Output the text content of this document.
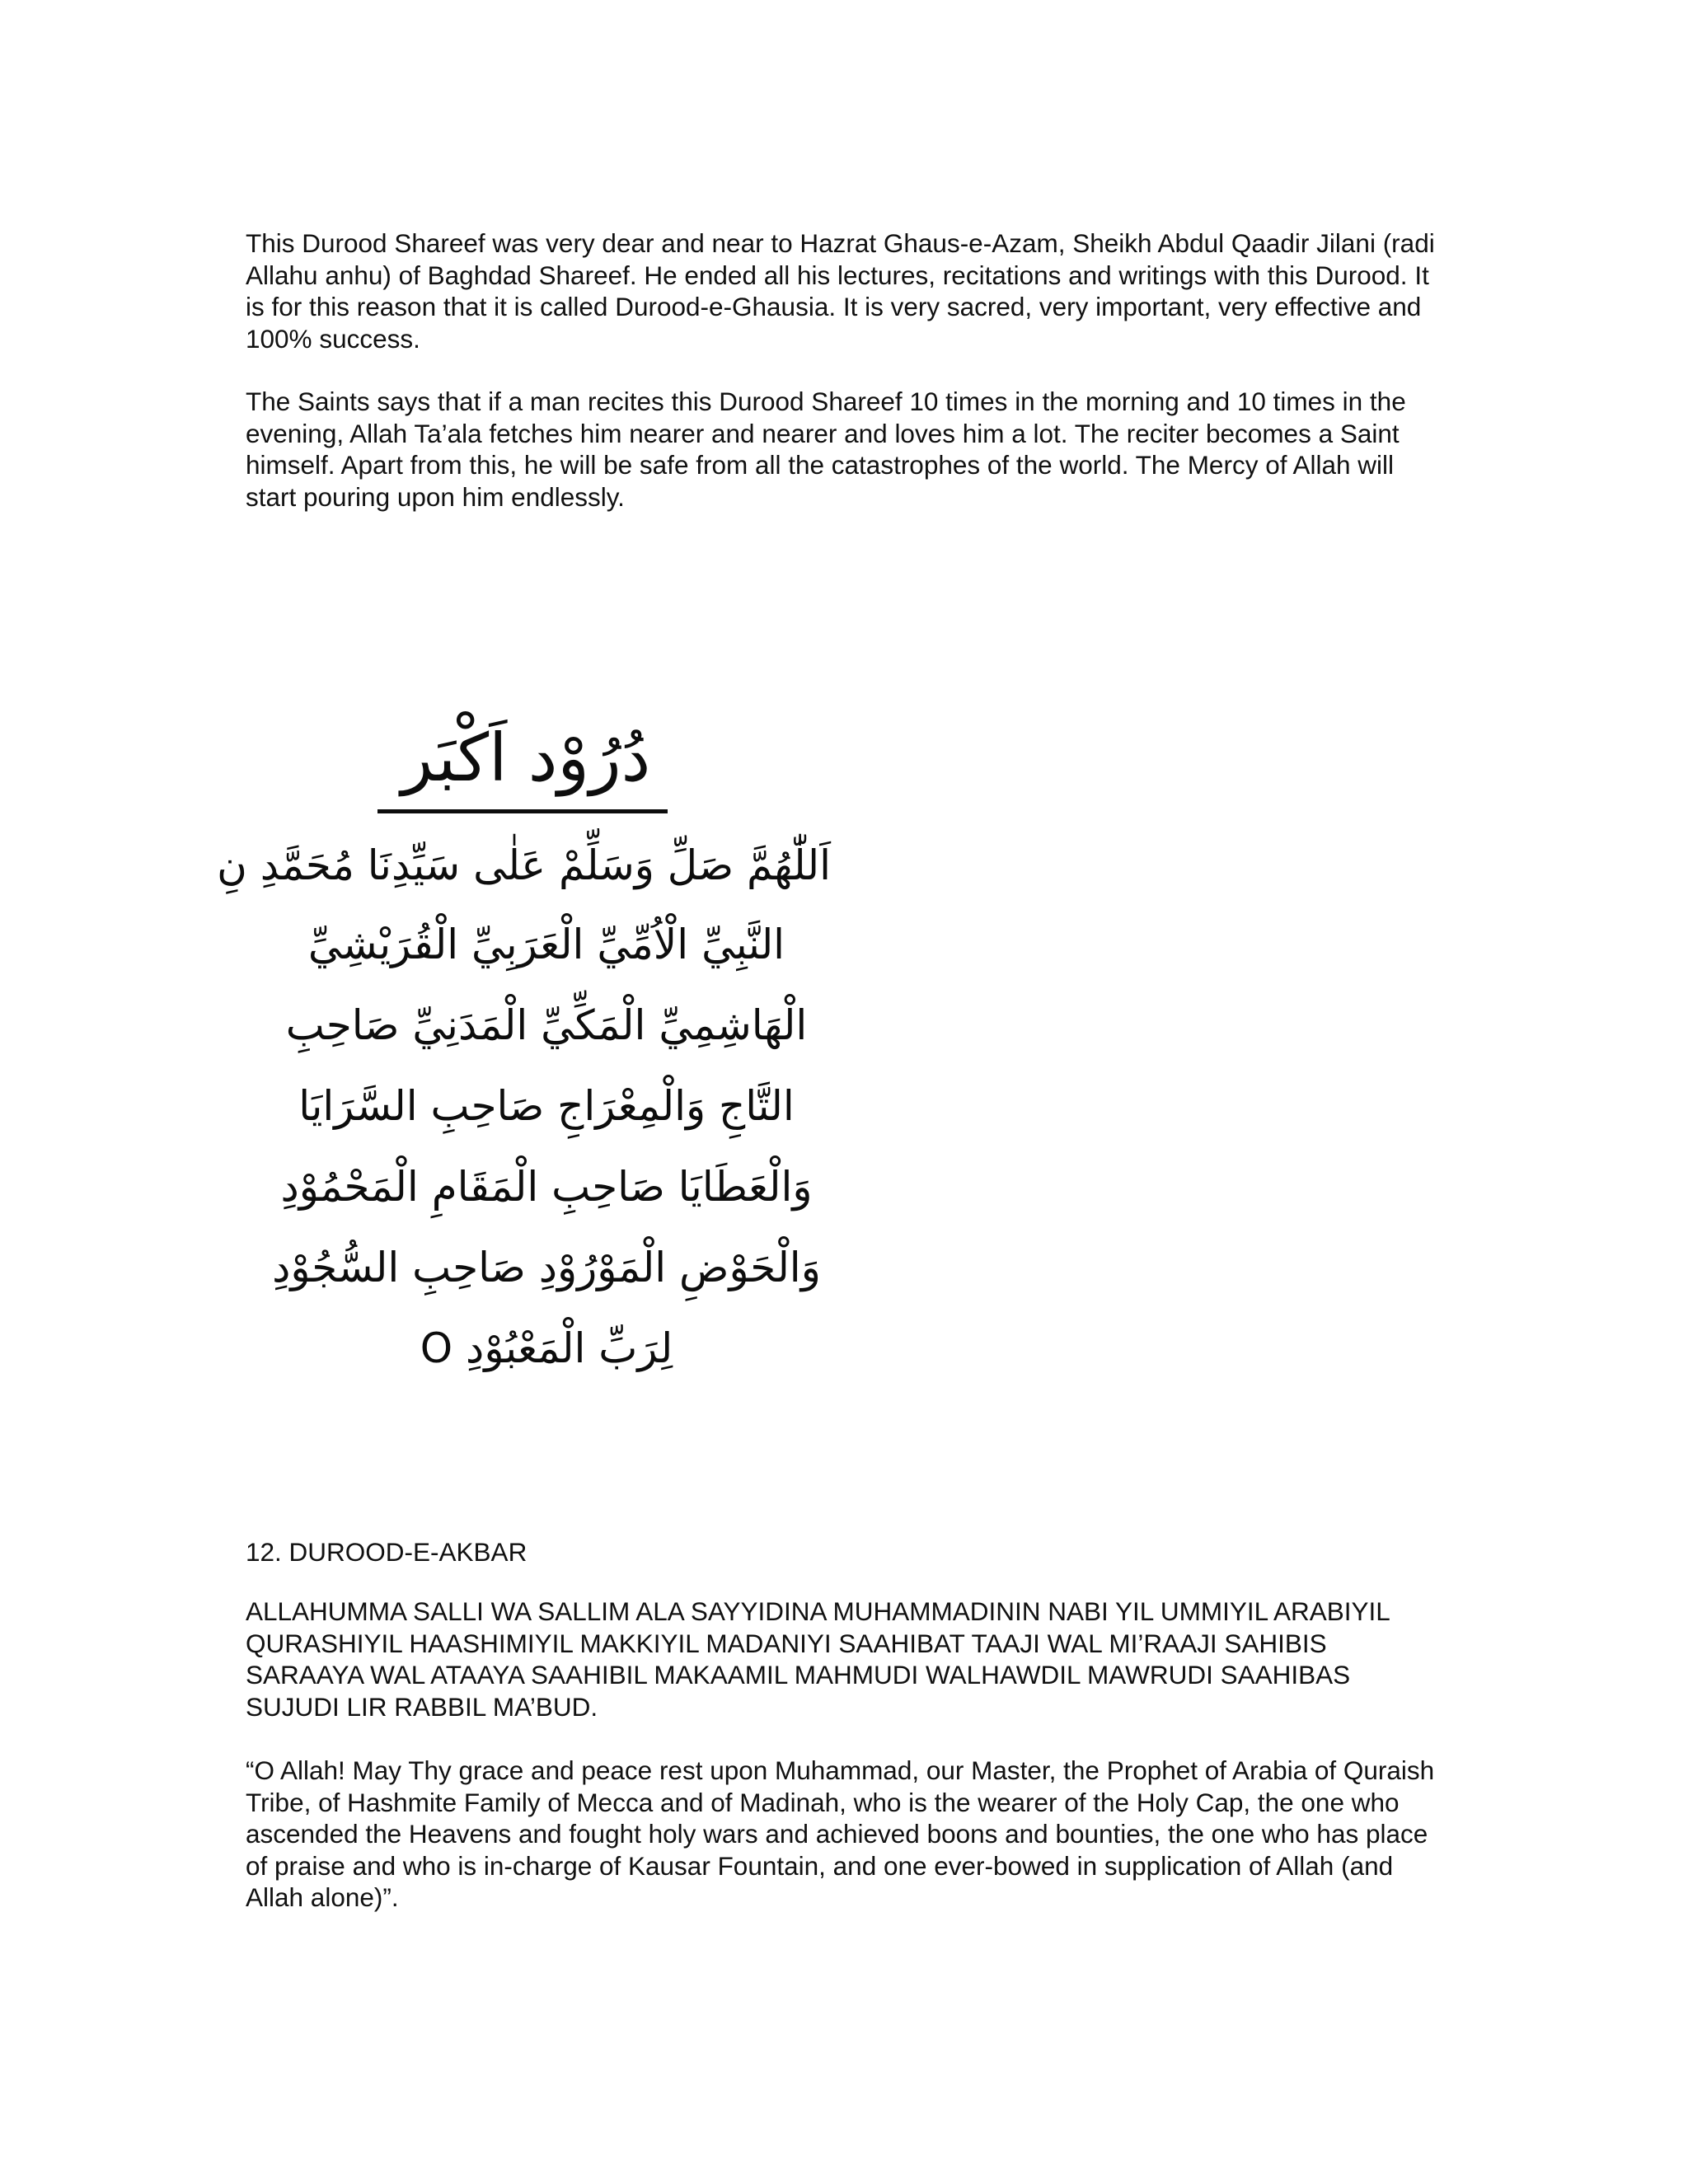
This Durood Shareef was very dear and near to Hazrat Ghaus-e-Azam, Sheikh Abdul Qaadir Jilani (radi Allahu anhu) of Baghdad Shareef. He ended all his lectures, recitations and writings with this Durood. It is for this reason that it is called Durood-e-Ghausia. It is very sacred, very important, very effective and 100% success.

The Saints says that if a man recites this Durood Shareef 10 times in the morning and 10 times in the evening, Allah Ta’ala fetches him nearer and nearer and loves him a lot. The reciter becomes a Saint himself. Apart from this, he will be safe from all the catastrophes of the world. The Mercy of Allah will start pouring upon him endlessly.

دُرُوْد اَكْبَر
اَللّٰهُمَّ صَلِّ وَسَلِّمْ عَلٰى سَيِّدِنَا مُحَمَّدِ نِ
النَّبِيِّ الْاُمِّيِّ الْعَرَبِيِّ الْقُرَيْشِيِّ
الْهَاشِمِيِّ الْمَكِّيِّ الْمَدَنِيِّ صَاحِبِ
التَّاجِ وَالْمِعْرَاجِ صَاحِبِ السَّرَايَا
وَالْعَطَايَا صَاحِبِ الْمَقَامِ الْمَحْمُوْدِ
وَالْحَوْضِ الْمَوْرُوْدِ صَاحِبِ السُّجُوْدِ
لِرَبِّ الْمَعْبُوْدِ O

12. DUROOD-E-AKBAR

ALLAHUMMA SALLI WA SALLIM ALA SAYYIDINA MUHAMMADININ NABI YIL UMMIYIL ARABIYIL QURASHIYIL HAASHIMIYIL MAKKIYIL MADANIYI SAAHIBAT TAAJI WAL MI’RAAJI SAHIBIS SARAAYA WAL ATAAYA SAAHIBIL MAKAAMIL MAHMUDI WALHAWDIL MAWRUDI SAAHIBAS SUJUDI LIR RABBIL MA’BUD.

“O Allah! May Thy grace and peace rest upon Muhammad, our Master, the Prophet of Arabia of Quraish Tribe, of Hashmite Family of Mecca and of Madinah, who is the wearer of the Holy Cap, the one who ascended the Heavens and fought holy wars and achieved boons and bounties, the one who has place of praise and who is in-charge of Kausar Fountain, and one ever-bowed in supplication of Allah (and Allah alone)”.
